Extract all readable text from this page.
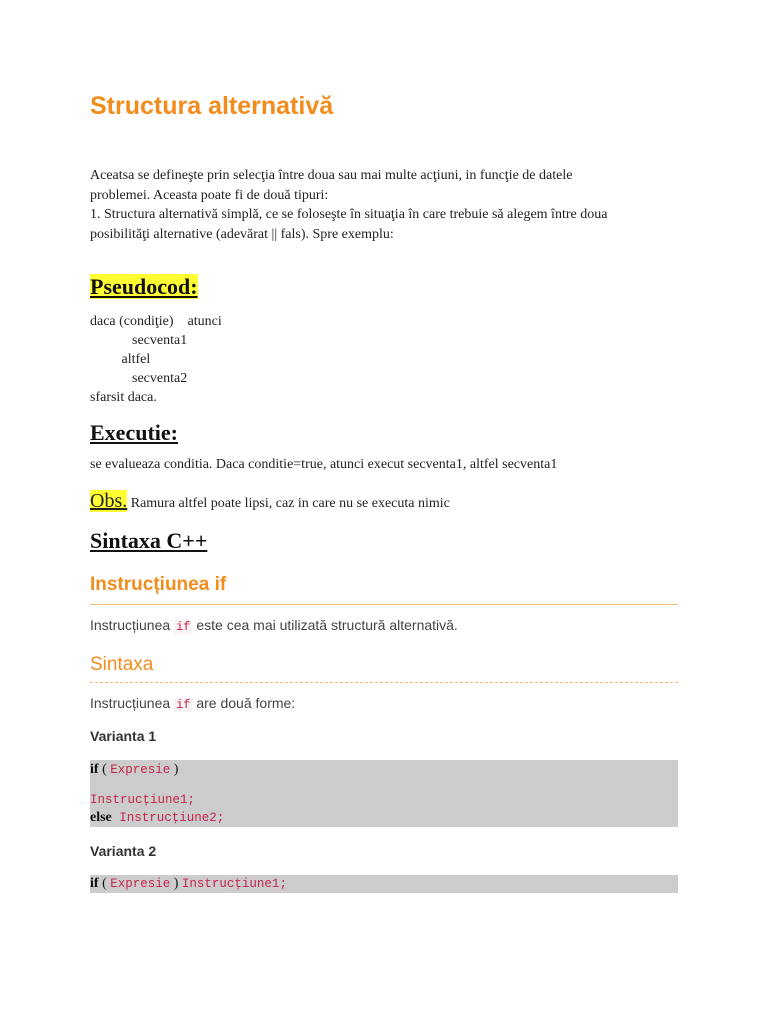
Structura alternativă

Aceatsa se defineşte prin selecţia între doua sau mai multe acţiuni, in funcţie de datele
problemei. Aceasta poate fi de două tipuri:
1. Structura alternativă simplă, ce se foloseşte în situaţia în care trebuie să alegem între doua
posibilităţi alternative (adevărat || fals). Spre exemplu:

Pseudocod:
daca (condiţie)    atunci
secventa1
altfel
secventa2
sfarsit daca.
Executie:

se evalueaza conditia. Daca conditie=true, atunci execut secventa1, altfel secventa1

Obs. Ramura altfel poate lipsi, caz in care nu se executa nimic

Sintaxa C++
Instrucțiunea if

Instrucțiunea if este cea mai utilizată structură alternativă.

Sintaxa

Instrucțiunea if are două forme:

Varianta 1

if ( Expresie )
Instrucţiune1;
else Instrucţiune2;

Varianta 2

if ( Expresie ) Instrucţiune1;
